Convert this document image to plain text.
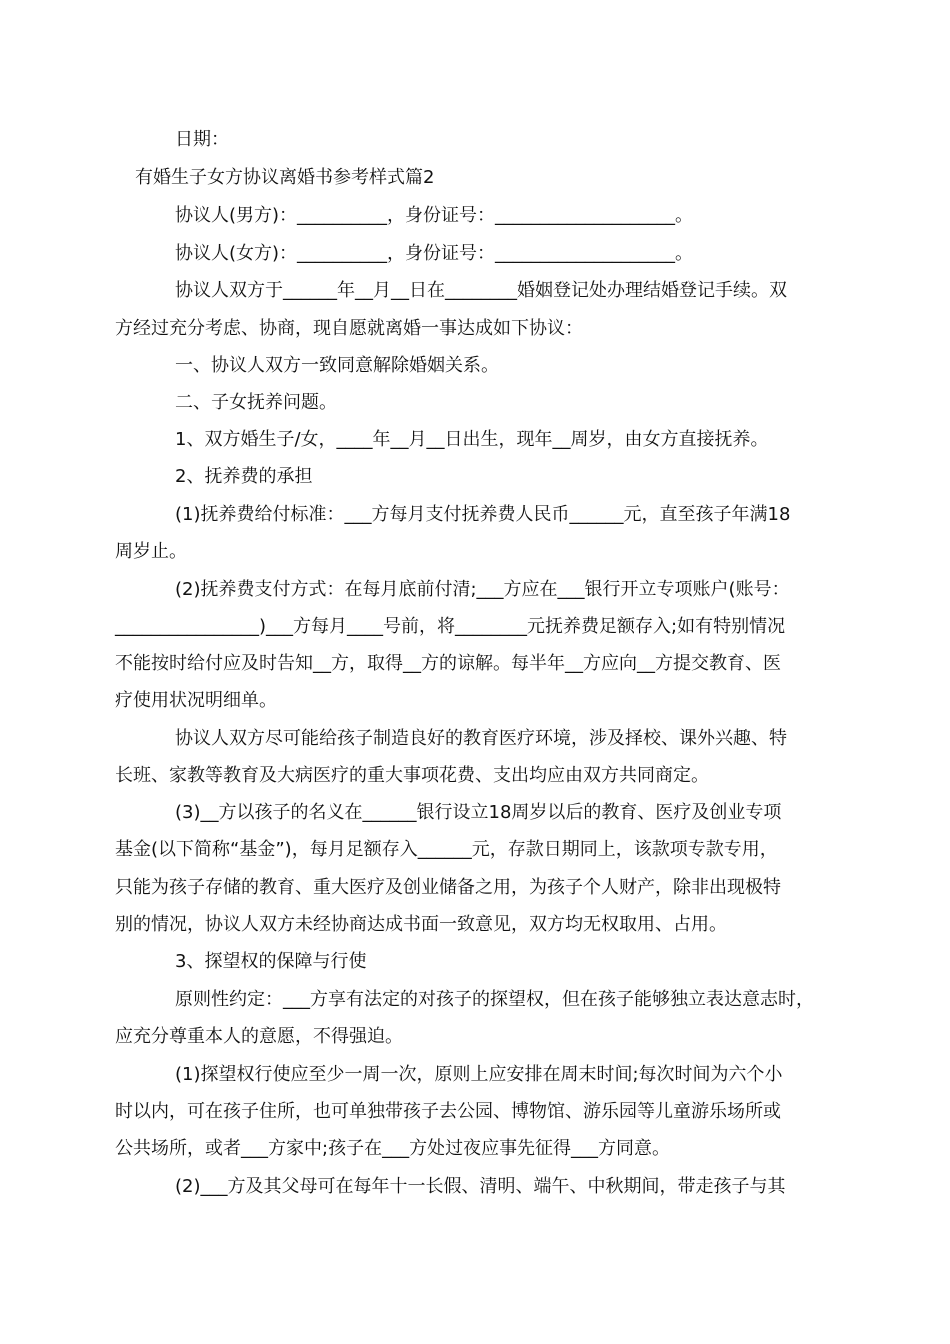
日期：
有婚生子女方协议离婚书参考样式篇2
协议人(男方)：__________，身份证号：____________________。
协议人(女方)：__________，身份证号：____________________。
协议人双方于______年__月__日在________婚姻登记处办理结婚登记手续。双
方经过充分考虑、协商，现自愿就离婚一事达成如下协议：
一、协议人双方一致同意解除婚姻关系。
二、子女抚养问题。
1、双方婚生子/女，____年__月__日出生，现年__周岁，由女方直接抚养。
2、抚养费的承担
(1)抚养费给付标准：___方每月支付抚养费人民币______元，直至孩子年满18
周岁止。
(2)抚养费支付方式：在每月底前付清;___方应在___银行开立专项账户(账号：
________________)___方每月____号前，将________元抚养费足额存入;如有特别情况
不能按时给付应及时告知__方，取得__方的谅解。每半年__方应向__方提交教育、医
疗使用状况明细单。
协议人双方尽可能给孩子制造良好的教育医疗环境，涉及择校、课外兴趣、特
长班、家教等教育及大病医疗的重大事项花费、支出均应由双方共同商定。
(3)__方以孩子的名义在______银行设立18周岁以后的教育、医疗及创业专项
基金(以下简称“基金”)，每月足额存入______元，存款日期同上，该款项专款专用，
只能为孩子存储的教育、重大医疗及创业储备之用，为孩子个人财产，除非出现极特
别的情况，协议人双方未经协商达成书面一致意见，双方均无权取用、占用。
3、探望权的保障与行使
原则性约定：___方享有法定的对孩子的探望权，但在孩子能够独立表达意志时，
应充分尊重本人的意愿，不得强迫。
(1)探望权行使应至少一周一次，原则上应安排在周末时间;每次时间为六个小
时以内，可在孩子住所，也可单独带孩子去公园、博物馆、游乐园等儿童游乐场所或
公共场所，或者___方家中;孩子在___方处过夜应事先征得___方同意。
(2)___方及其父母可在每年十一长假、清明、端午、中秋期间，带走孩子与其
